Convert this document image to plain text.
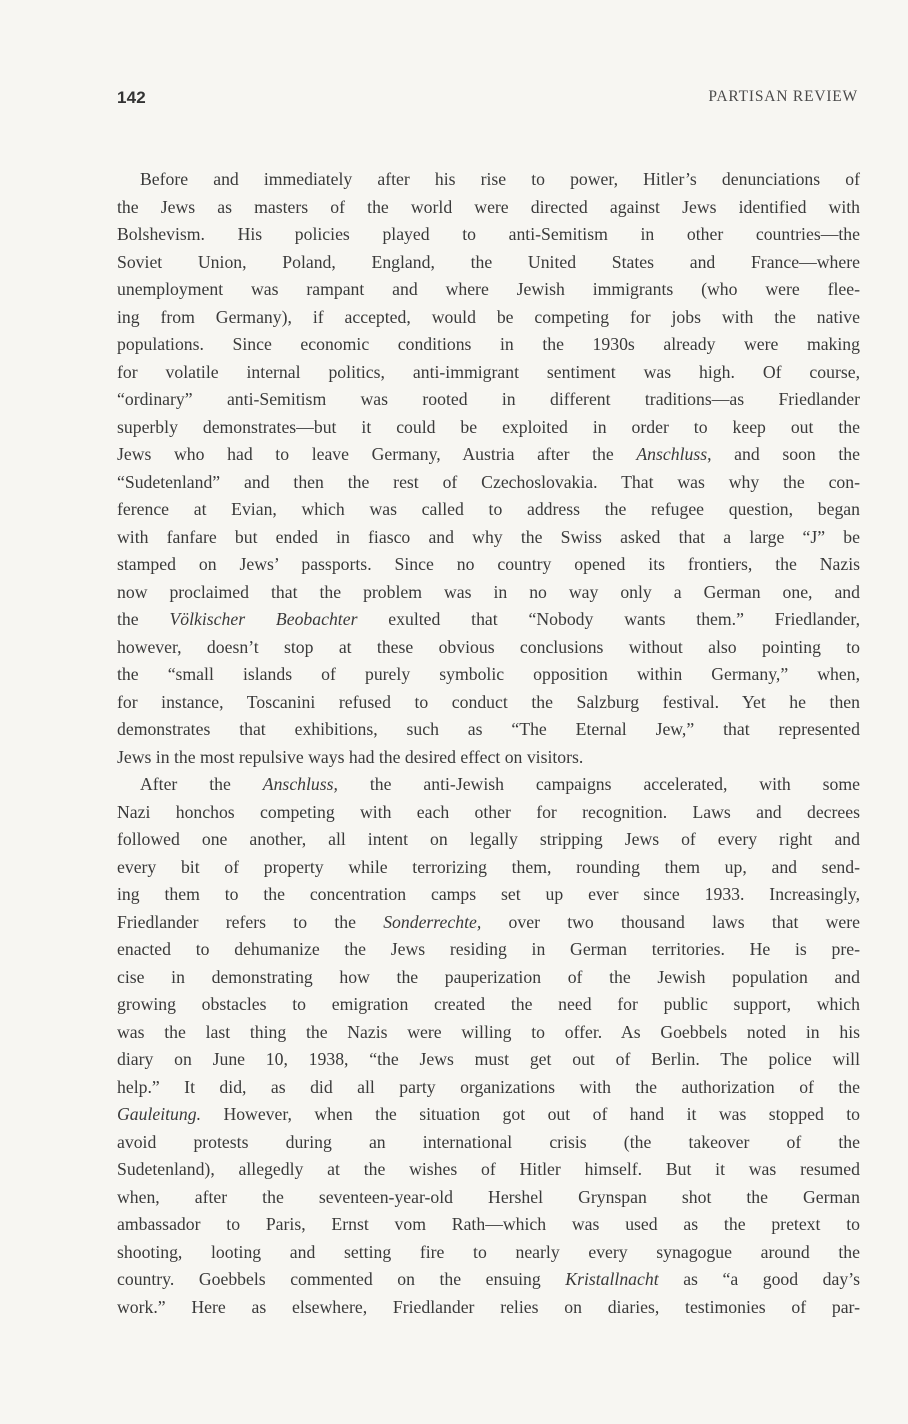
142	PARTISAN REVIEW
Before and immediately after his rise to power, Hitler’s denunciations of
the Jews as masters of the world were directed against Jews identified with
Bolshevism. His policies played to anti-Semitism in other countries—the
Soviet Union, Poland, England, the United States and France—where
unemployment was rampant and where Jewish immigrants (who were flee-
ing from Germany), if accepted, would be competing for jobs with the native
populations. Since economic conditions in the 1930s already were making
for volatile internal politics, anti-immigrant sentiment was high. Of course,
“ordinary” anti-Semitism was rooted in different traditions—as Friedlander
superbly demonstrates—but it could be exploited in order to keep out the
Jews who had to leave Germany, Austria after the Anschluss, and soon the
“Sudetenland” and then the rest of Czechoslovakia. That was why the con-
ference at Evian, which was called to address the refugee question, began
with fanfare but ended in fiasco and why the Swiss asked that a large “J” be
stamped on Jews’ passports. Since no country opened its frontiers, the Nazis
now proclaimed that the problem was in no way only a German one, and
the Völkischer Beobachter exulted that “Nobody wants them.” Friedlander,
however, doesn’t stop at these obvious conclusions without also pointing to
the “small islands of purely symbolic opposition within Germany,” when,
for instance, Toscanini refused to conduct the Salzburg festival. Yet he then
demonstrates that exhibitions, such as “The Eternal Jew,” that represented
Jews in the most repulsive ways had the desired effect on visitors.
After the Anschluss, the anti-Jewish campaigns accelerated, with some
Nazi honchos competing with each other for recognition. Laws and decrees
followed one another, all intent on legally stripping Jews of every right and
every bit of property while terrorizing them, rounding them up, and send-
ing them to the concentration camps set up ever since 1933. Increasingly,
Friedlander refers to the Sonderrechte, over two thousand laws that were
enacted to dehumanize the Jews residing in German territories. He is pre-
cise in demonstrating how the pauperization of the Jewish population and
growing obstacles to emigration created the need for public support, which
was the last thing the Nazis were willing to offer. As Goebbels noted in his
diary on June 10, 1938, “the Jews must get out of Berlin. The police will
help.” It did, as did all party organizations with the authorization of the
Gauleitung. However, when the situation got out of hand it was stopped to
avoid protests during an international crisis (the takeover of the
Sudetenland), allegedly at the wishes of Hitler himself. But it was resumed
when, after the seventeen-year-old Hershel Grynspan shot the German
ambassador to Paris, Ernst vom Rath—which was used as the pretext to
shooting, looting and setting fire to nearly every synagogue around the
country. Goebbels commented on the ensuing Kristallnacht as “a good day’s
work.” Here as elsewhere, Friedlander relies on diaries, testimonies of par-
